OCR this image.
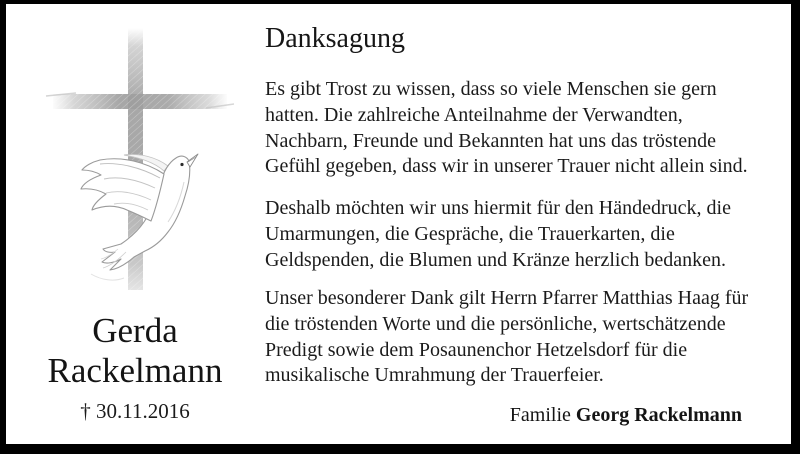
Gerda
Rackelmann
† 30.11.2016
Danksagung
Es gibt Trost zu wissen, dass so viele Menschen sie gern
hatten. Die zahlreiche Anteilnahme der Verwandten,
Nachbarn, Freunde und Bekannten hat uns das tröstende
Gefühl gegeben, dass wir in unserer Trauer nicht allein sind.
Deshalb möchten wir uns hiermit für den Händedruck, die
Umarmungen, die Gespräche, die Trauerkarten, die
Geldspenden, die Blumen und Kränze herzlich bedanken.
Unser besonderer Dank gilt Herrn Pfarrer Matthias Haag für
die tröstenden Worte und die persönliche, wertschätzende
Predigt sowie dem Posaunenchor Hetzelsdorf für die
musikalische Umrahmung der Trauerfeier.
Familie Georg Rackelmann
